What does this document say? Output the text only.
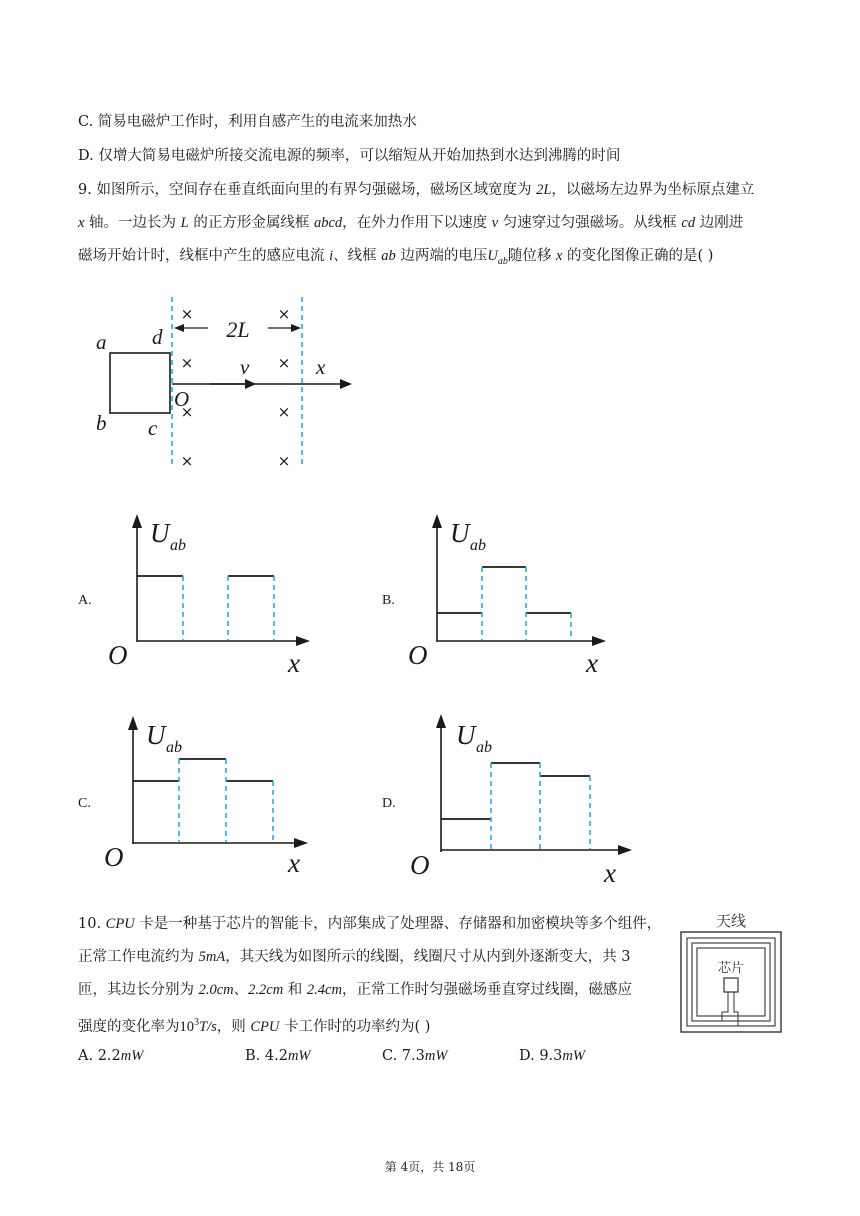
C. 简易电磁炉工作时，利用自感产生的电流来加热水
D. 仅增大简易电磁炉所接交流电源的频率，可以缩短从开始加热到水达到沸腾的时间
9. 如图所示，空间存在垂直纸面向里的有界匀强磁场，磁场区域宽度为 2L，以磁场左边界为坐标原点建立
x 轴。一边长为 L 的正方形金属线框 abcd，在外力作用下以速度 v 匀速穿过匀强磁场。从线框 cd 边刚进
磁场开始计时，线框中产生的感应电流 i、线框 ab 边两端的电压$U_{ab}$随位移 x 的变化图像正确的是( )
×	×
×	×
×	×
×	×
a d
b c
O
v	x
2L
A.	B.
C.	D.
U ab
O	x
U ab
O	x
U ab
O	x
U ab
O	x
10. CPU 卡是一种基于芯片的智能卡，内部集成了处理器、存储器和加密模块等多个组件，
正常工作电流约为 5mA，其天线为如图所示的线圈，线圈尺寸从内到外逐渐变大，共 3
匝，其边长分别为 2.0cm、2.2cm 和 2.4cm，正常工作时匀强磁场垂直穿过线圈，磁感应
强度的变化率为$10^3T/s$，则 CPU 卡工作时的功率约为( )
天线
芯片
A. 2.2mW	B. 4.2mW	C. 7.3mW	D. 9.3mW
第 4页，共 18页
